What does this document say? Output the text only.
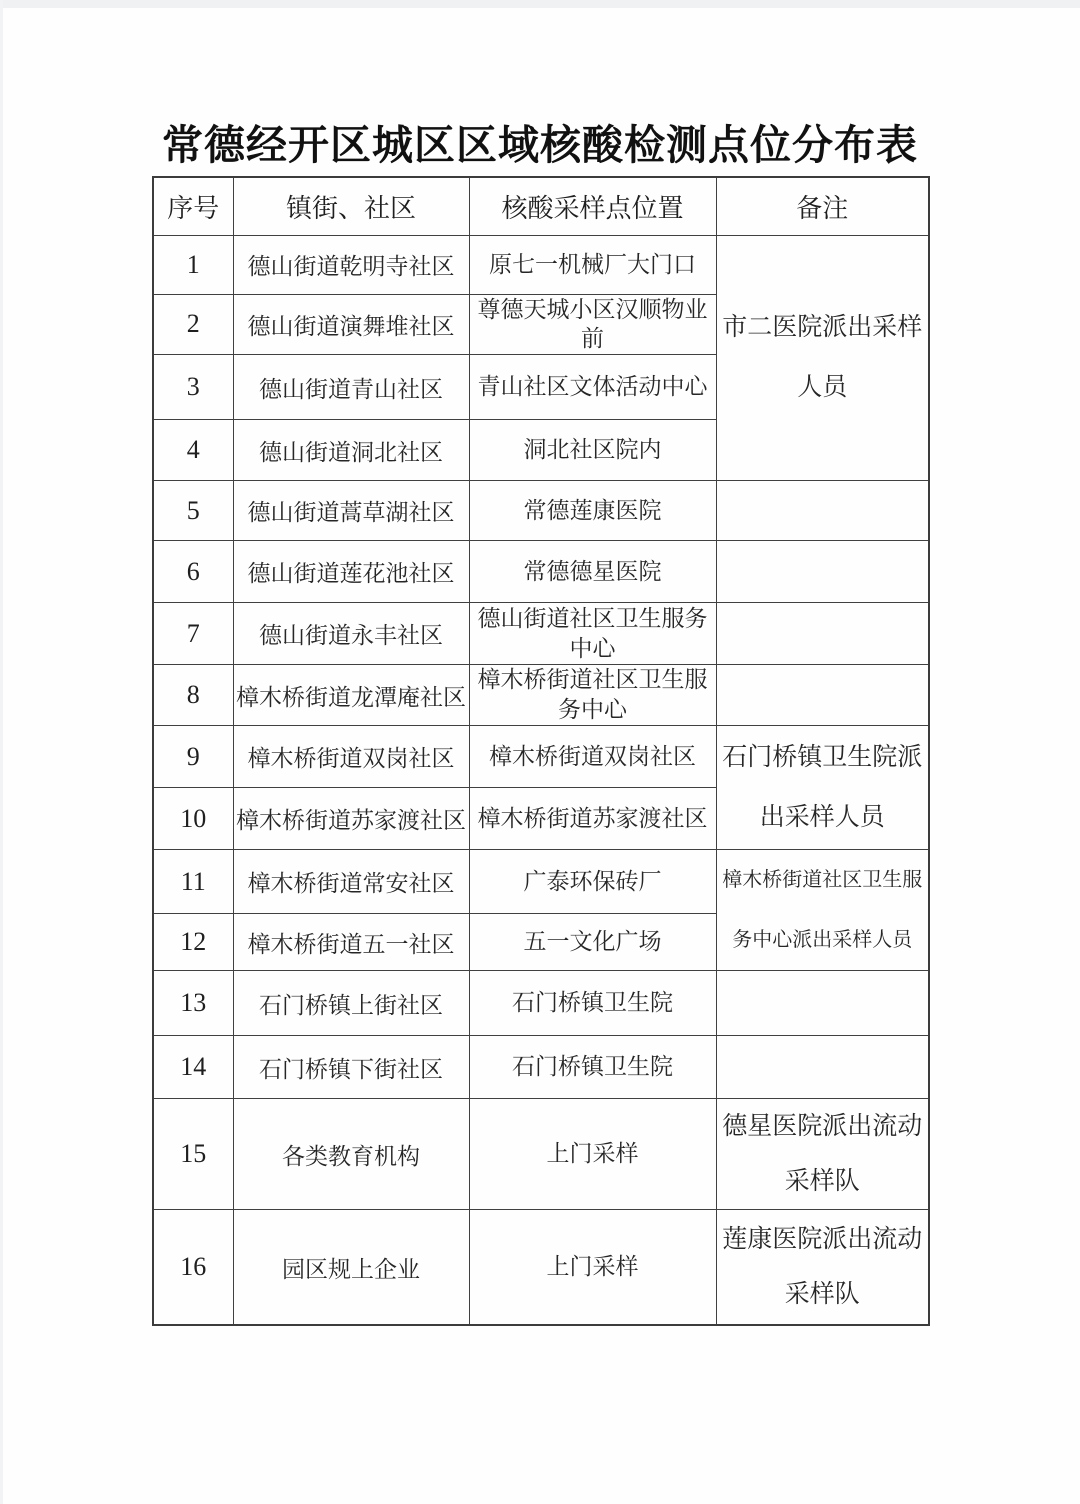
常德经开区城区区域核酸检测点位分布表
序号	镇街、社区	核酸采样点位置	备注
1	德山街道乾明寺社区	原七一机械厂大门口	市二医院派出采样人员
2	德山街道演舞堆社区	尊德天城小区汉顺物业前	
3	德山街道青山社区	青山社区文体活动中心	
4	德山街道洞北社区	洞北社区院内	
5	德山街道蒿草湖社区	常德莲康医院	
6	德山街道莲花池社区	常德德星医院	
7	德山街道永丰社区	德山街道社区卫生服务中心	
8	樟木桥街道龙潭庵社区	樟木桥街道社区卫生服务中心	
9	樟木桥街道双岗社区	樟木桥街道双岗社区	石门桥镇卫生院派出采样人员
10	樟木桥街道苏家渡社区	樟木桥街道苏家渡社区	
11	樟木桥街道常安社区	广泰环保砖厂	樟木桥街道社区卫生服务中心派出采样人员
12	樟木桥街道五一社区	五一文化广场	
13	石门桥镇上街社区	石门桥镇卫生院	
14	石门桥镇下街社区	石门桥镇卫生院	
15	各类教育机构	上门采样	德星医院派出流动采样队
16	园区规上企业	上门采样	莲康医院派出流动采样队
